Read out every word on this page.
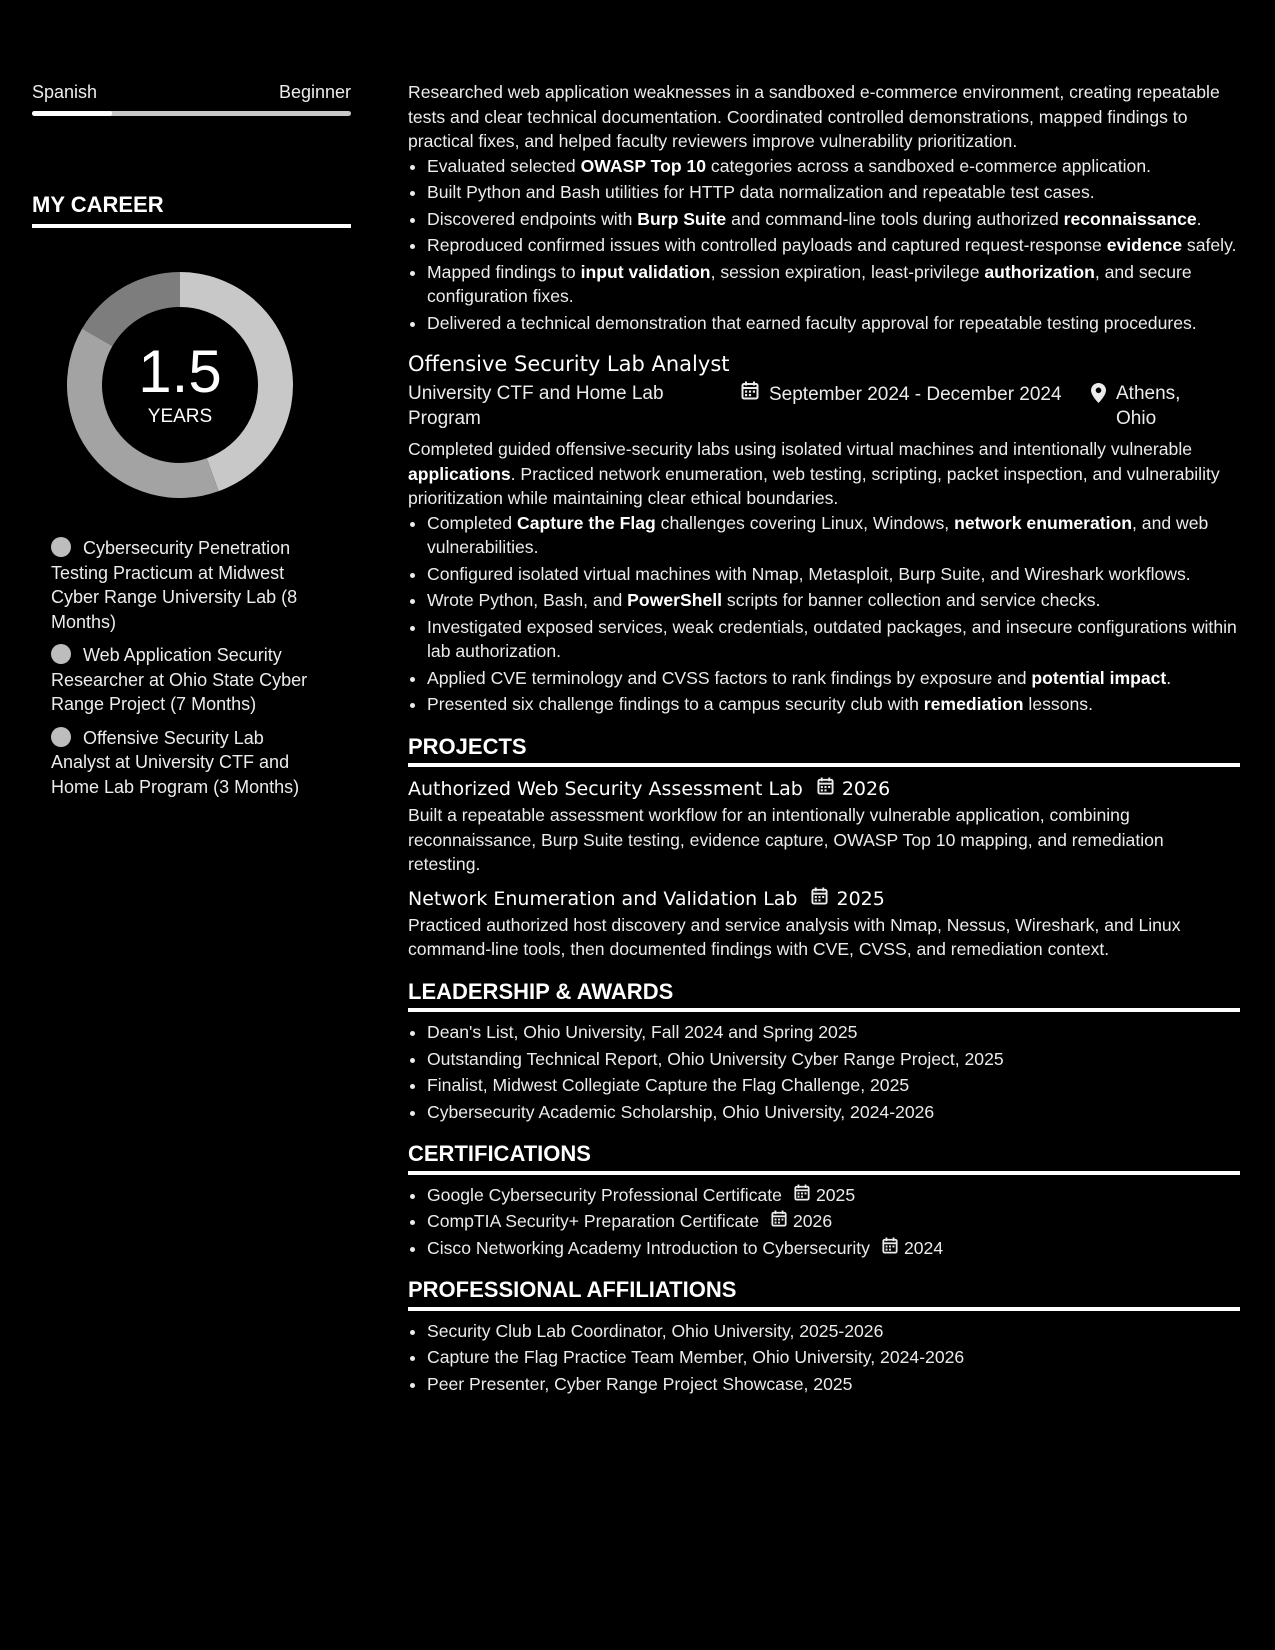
Spanish	Beginner
MY CAREER
1.5
YEARS
Cybersecurity Penetration Testing Practicum at Midwest Cyber Range University Lab (8 Months)
Web Application Security Researcher at Ohio State Cyber Range Project (7 Months)
Offensive Security Lab Analyst at University CTF and Home Lab Program (3 Months)

Researched web application weaknesses in a sandboxed e-commerce environment, creating repeatable tests and clear technical documentation. Coordinated controlled demonstrations, mapped findings to practical fixes, and helped faculty reviewers improve vulnerability prioritization.

• Evaluated selected OWASP Top 10 categories across a sandboxed e-commerce application.
• Built Python and Bash utilities for HTTP data normalization and repeatable test cases.
• Discovered endpoints with Burp Suite and command-line tools during authorized reconnaissance.
• Reproduced confirmed issues with controlled payloads and captured request-response evidence safely.
• Mapped findings to input validation, session expiration, least-privilege authorization, and secure configuration fixes.
• Delivered a technical demonstration that earned faculty approval for repeatable testing procedures.
Offensive Security Lab Analyst
University CTF and Home Lab Program
September 2024 - December 2024	Athens, Ohio

Completed guided offensive-security labs using isolated virtual machines and intentionally vulnerable applications. Practiced network enumeration, web testing, scripting, packet inspection, and vulnerability prioritization while maintaining clear ethical boundaries.

• Completed Capture the Flag challenges covering Linux, Windows, network enumeration, and web vulnerabilities.
• Configured isolated virtual machines with Nmap, Metasploit, Burp Suite, and Wireshark workflows.
• Wrote Python, Bash, and PowerShell scripts for banner collection and service checks.
• Investigated exposed services, weak credentials, outdated packages, and insecure configurations within lab authorization.
• Applied CVE terminology and CVSS factors to rank findings by exposure and potential impact.
• Presented six challenge findings to a campus security club with remediation lessons.
PROJECTS
Authorized Web Security Assessment Lab 2026

Built a repeatable assessment workflow for an intentionally vulnerable application, combining reconnaissance, Burp Suite testing, evidence capture, OWASP Top 10 mapping, and remediation retesting.

Network Enumeration and Validation Lab 2025

Practiced authorized host discovery and service analysis with Nmap, Nessus, Wireshark, and Linux command-line tools, then documented findings with CVE, CVSS, and remediation context.

LEADERSHIP & AWARDS
• Dean's List, Ohio University, Fall 2024 and Spring 2025
• Outstanding Technical Report, Ohio University Cyber Range Project, 2025
• Finalist, Midwest Collegiate Capture the Flag Challenge, 2025
• Cybersecurity Academic Scholarship, Ohio University, 2024-2026
CERTIFICATIONS
• Google Cybersecurity Professional Certificate 2025
• CompTIA Security+ Preparation Certificate 2026
• Cisco Networking Academy Introduction to Cybersecurity 2024
PROFESSIONAL AFFILIATIONS
• Security Club Lab Coordinator, Ohio University, 2025-2026
• Capture the Flag Practice Team Member, Ohio University, 2024-2026
• Peer Presenter, Cyber Range Project Showcase, 2025
